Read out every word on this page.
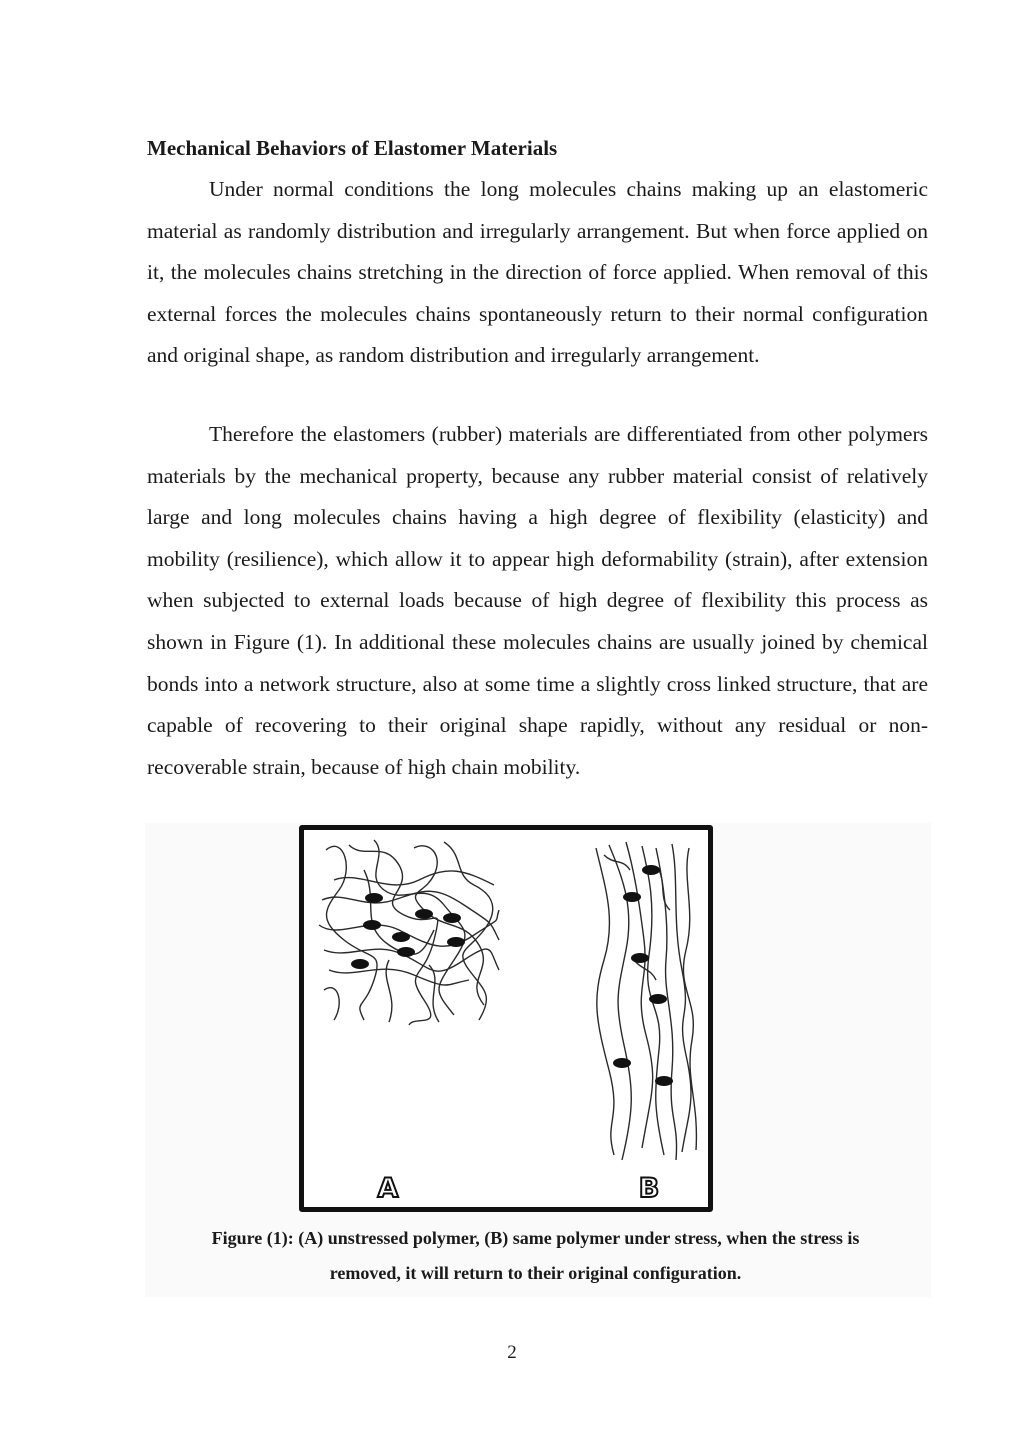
Mechanical Behaviors of Elastomer Materials

Under normal conditions the long molecules chains making up an elastomeric material as randomly distribution and irregularly arrangement. But when force applied on it, the molecules chains stretching in the direction of force applied. When removal of this external forces the molecules chains spontaneously return to their normal configuration and original shape, as random distribution and irregularly arrangement.

Therefore the elastomers (rubber) materials are differentiated from other polymers materials by the mechanical property, because any rubber material consist of relatively large and long molecules chains having a high degree of flexibility (elasticity) and mobility (resilience), which allow it to appear high deformability (strain), after extension when subjected to external loads because of high degree of flexibility this process as shown in Figure (1). In additional these molecules chains are usually joined by chemical bonds into a network structure, also at some time a slightly cross linked structure, that are capable of recovering to their original shape rapidly, without any residual or non-recoverable strain, because of high chain mobility.

A	B

Figure (1): (A) unstressed polymer, (B) same polymer under stress, when the stress is
removed, it will return to their original configuration.

2
